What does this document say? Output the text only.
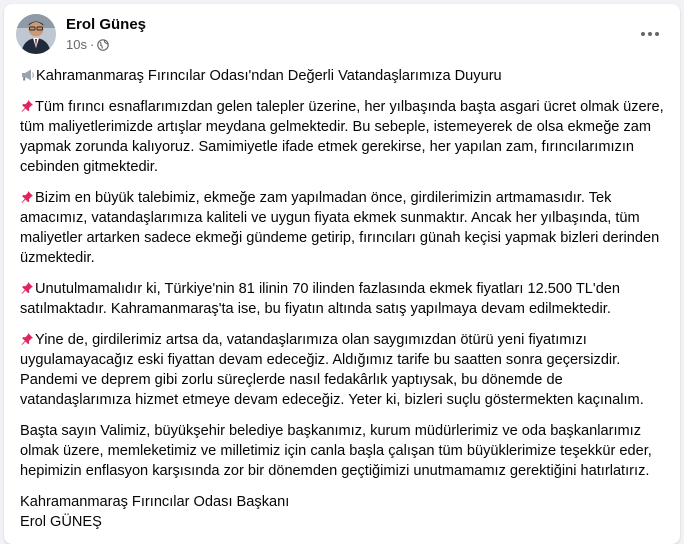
Erol Güneş
10s ·

Kahramanmaraş Fırıncılar Odası'ndan Değerli Vatandaşlarımıza Duyuru

Tüm fırıncı esnaflarımızdan gelen talepler üzerine, her yılbaşında başta asgari ücret olmak üzere, tüm maliyetlerimizde artışlar meydana gelmektedir. Bu sebeple, istemeyerek de olsa ekmeğe zam yapmak zorunda kalıyoruz. Samimiyetle ifade etmek gerekirse, her yapılan zam, fırıncılarımızın cebinden gitmektedir.

Bizim en büyük talebimiz, ekmeğe zam yapılmadan önce, girdilerimizin artmamasıdır. Tek amacımız, vatandaşlarımıza kaliteli ve uygun fiyata ekmek sunmaktır. Ancak her yılbaşında, tüm maliyetler artarken sadece ekmeği gündeme getirip, fırıncıları günah keçisi yapmak bizleri derinden üzmektedir.

Unutulmamalıdır ki, Türkiye'nin 81 ilinin 70 ilinden fazlasında ekmek fiyatları 12.500 TL'den satılmaktadır. Kahramanmaraş'ta ise, bu fiyatın altında satış yapılmaya devam edilmektedir.

Yine de, girdilerimiz artsa da, vatandaşlarımıza olan saygımızdan ötürü yeni fiyatımızı uygulamayacağız eski fiyattan devam edeceğiz. Aldığımız tarife bu saatten sonra geçersizdir. Pandemi ve deprem gibi zorlu süreçlerde nasıl fedakârlık yaptıysak, bu dönemde de vatandaşlarımıza hizmet etmeye devam edeceğiz. Yeter ki, bizleri suçlu göstermekten kaçınalım.

Başta sayın Valimiz, büyükşehir belediye başkanımız, kurum müdürlerimiz ve oda başkanlarımız olmak üzere, memleketimiz ve milletimiz için canla başla çalışan tüm büyüklerimize teşekkür eder, hepimizin enflasyon karşısında zor bir dönemden geçtiğimizi unutmamamız gerektiğini hatırlatırız.

Kahramanmaraş Fırıncılar Odası Başkanı
Erol GÜNEŞ
